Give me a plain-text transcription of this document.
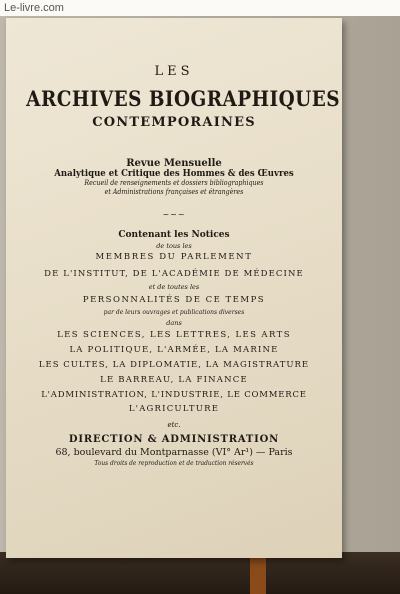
Le-livre.com
LES
ARCHIVES BIOGRAPHIQUES
CONTEMPORAINES
Revue Mensuelle
Analytique et Critique des Hommes & des Œuvres
Recueil de renseignements et dossiers bibliographiques
et Administrations françaises et étrangères
~~~
Contenant les Notices
de tous les
MEMBRES DU PARLEMENT
DE L'INSTITUT, DE L'ACADÉMIE DE MÉDECINE
et de toutes les
PERSONNALITÉS DE CE TEMPS
par de leurs ouvrages et publications diverses
dans
LES SCIENCES, LES LETTRES, LES ARTS
LA POLITIQUE, L'ARMÉE, LA MARINE
LES CULTES, LA DIPLOMATIE, LA MAGISTRATURE
LE BARREAU, LA FINANCE
L'ADMINISTRATION, L'INDUSTRIE, LE COMMERCE
L'AGRICULTURE
etc.
DIRECTION & ADMINISTRATION
68, boulevard du Montparnasse (VI° Ar¹) — Paris
Tous droits de reproduction et de traduction réservés
